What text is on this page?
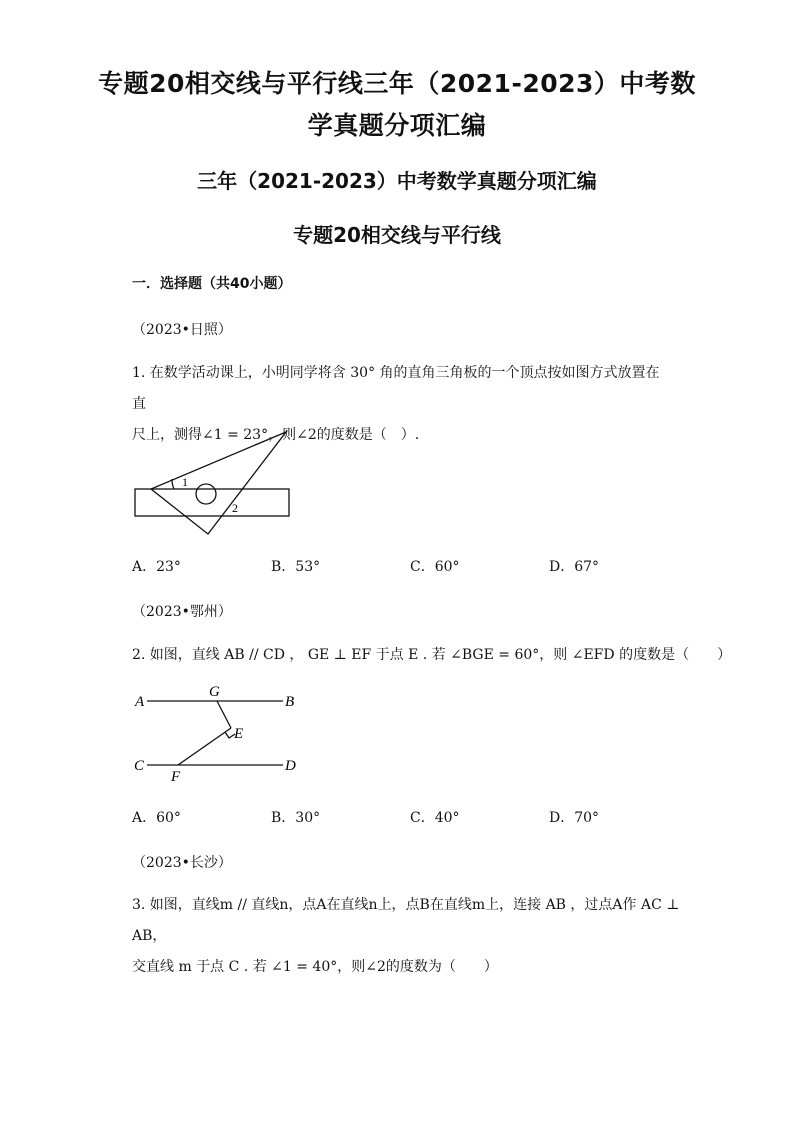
专题20相交线与平行线三年（2021-2023）中考数
学真题分项汇编
三年（2021-2023）中考数学真题分项汇编
专题20相交线与平行线
一．选择题（共40小题）
（2023•日照）
1. 在数学活动课上，小明同学将含 30° 角的直角三角板的一个顶点按如图方式放置在直
尺上，测得∠1 = 23°，则∠2的度数是（　）.
1
2
A．23°	B．53°	C．60°	D．67°
（2023•鄂州）
2. 如图，直线 AB // CD ， GE ⊥ EF 于点 E . 若 ∠BGE = 60°，则 ∠EFD 的度数是（　　）
A
G
B
E
C
F
D
A．60°	B．30°	C．40°	D．70°
（2023•长沙）
3. 如图，直线m // 直线n，点A在直线n上，点B在直线m上，连接 AB ，过点A作 AC ⊥ AB，
交直线 m 于点 C . 若 ∠1 = 40°，则∠2的度数为（　　）
